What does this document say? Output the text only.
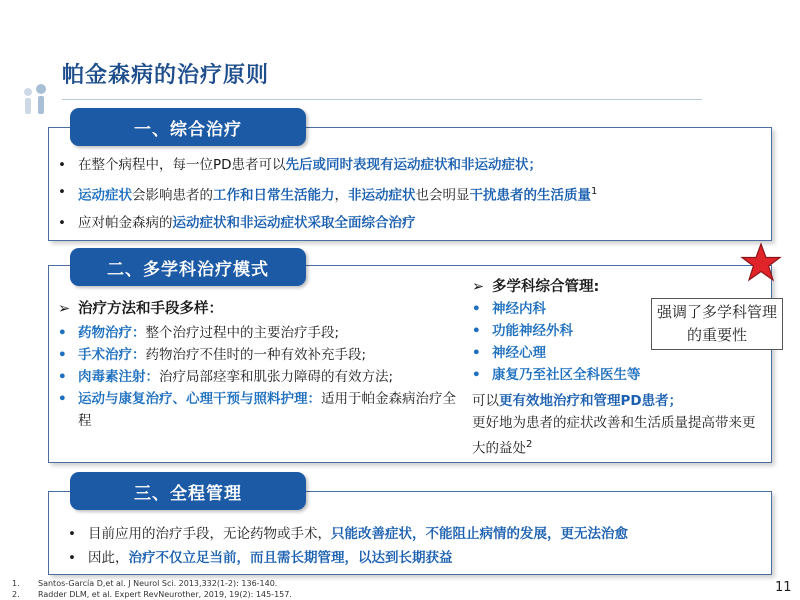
帕金森病的治疗原则
一、综合治疗
• 在整个病程中，每一位PD患者可以先后或同时表现有运动症状和非运动症状；
• 运动症状会影响患者的工作和日常生活能力，非运动症状也会明显干扰患者的生活质量$^1$
• 应对帕金森病的运动症状和非运动症状采取全面综合治疗
二、多学科治疗模式
➢ 治疗方法和手段多样：
• 药物治疗：整个治疗过程中的主要治疗手段;
• 手术治疗：药物治疗不佳时的一种有效补充手段;
• 肉毒素注射：治疗局部痉挛和肌张力障碍的有效方法;
• 运动与康复治疗、心理干预与照料护理：适用于帕金森病治疗全程
➢ 多学科综合管理 :
• 神经内科
• 功能神经外科
• 神经心理
• 康复乃至社区全科医生等
可以更有效地治疗和管理PD患者；
更好地为患者的症状改善和生活质量提高带来更大的益处$^2$
强调了多学科管理的重要性
三、全程管理
• 目前应用的治疗手段，无论药物或手术，只能改善症状，不能阻止病情的发展，更无法治愈
• 因此，治疗不仅立足当前，而且需长期管理，以达到长期获益
1.	Santos-García D,et al. J Neurol Sci. 2013,332(1-2): 136-140.
2.	Radder DLM, et al. Expert RevNeurother, 2019, 19(2): 145-157.	11
